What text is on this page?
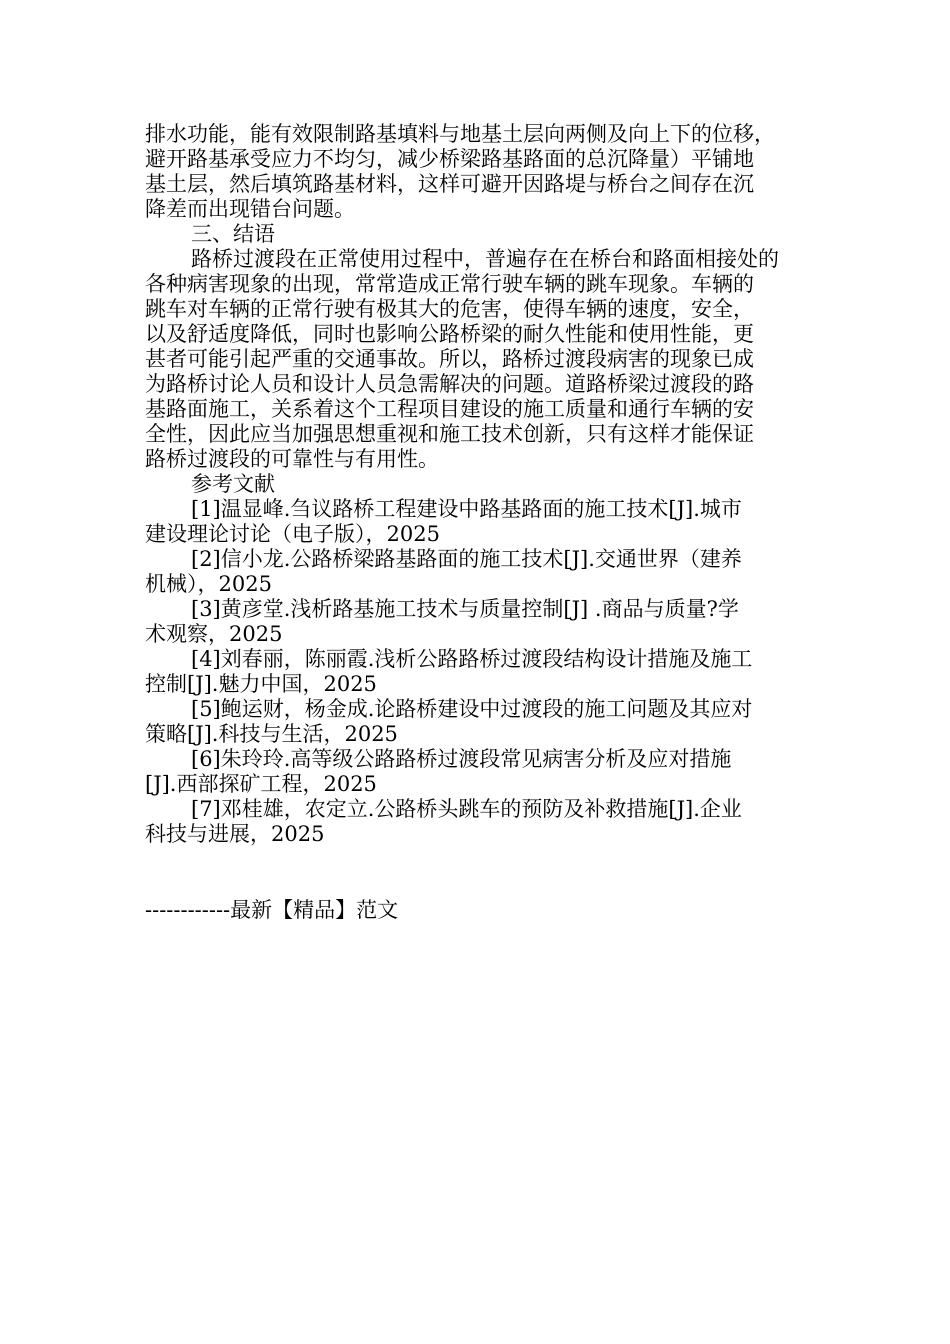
排水功能，能有效限制路基填料与地基土层向两侧及向上下的位移，
避开路基承受应力不均匀，减少桥梁路基路面的总沉降量）平铺地
基土层，然后填筑路基材料，这样可避开因路堤与桥台之间存在沉
降差而出现错台问题。
三、结语
路桥过渡段在正常使用过程中，普遍存在在桥台和路面相接处的
各种病害现象的出现，常常造成正常行驶车辆的跳车现象。车辆的
跳车对车辆的正常行驶有极其大的危害，使得车辆的速度，安全，
以及舒适度降低，同时也影响公路桥梁的耐久性能和使用性能，更
甚者可能引起严重的交通事故。所以，路桥过渡段病害的现象已成
为路桥讨论人员和设计人员急需解决的问题。道路桥梁过渡段的路
基路面施工，关系着这个工程项目建设的施工质量和通行车辆的安
全性，因此应当加强思想重视和施工技术创新，只有这样才能保证
路桥过渡段的可靠性与有用性。
参考文献
[1]温显峰.刍议路桥工程建设中路基路面的施工技术[J].城市
建设理论讨论（电子版），2025
[2]信小龙.公路桥梁路基路面的施工技术[J].交通世界（建养
机械），2025
[3]黄彦堂.浅析路基施工技术与质量控制[J] .商品与质量?学
术观察，2025
[4]刘春丽，陈丽霞.浅析公路路桥过渡段结构设计措施及施工
控制[J].魅力中国，2025
[5]鲍运财，杨金成.论路桥建设中过渡段的施工问题及其应对
策略[J].科技与生活，2025
[6]朱玲玲.高等级公路路桥过渡段常见病害分析及应对措施
[J].西部探矿工程，2025
[7]邓桂雄，农定立.公路桥头跳车的预防及补救措施[J].企业
科技与进展，2025
------------最新【精品】范文
